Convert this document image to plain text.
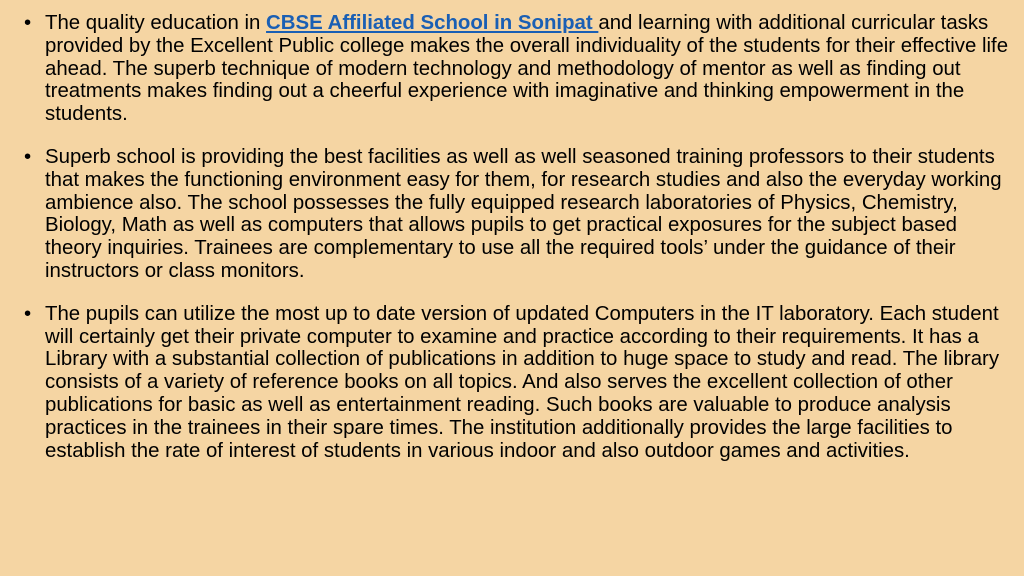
• The quality education in CBSE Affiliated School in Sonipat and learning with additional curricular tasks provided by the Excellent Public college makes the overall individuality of the students for their effective life ahead. The superb technique of modern technology and methodology of mentor as well as finding out treatments makes finding out a cheerful experience with imaginative and thinking empowerment in the students.
• Superb school is providing the best facilities as well as well seasoned training professors to their students that makes the functioning environment easy for them, for research studies and also the everyday working ambience also. The school possesses the fully equipped research laboratories of Physics, Chemistry, Biology, Math as well as computers that allows pupils to get practical exposures for the subject based theory inquiries. Trainees are complementary to use all the required tools’ under the guidance of their instructors or class monitors.
• The pupils can utilize the most up to date version of updated Computers in the IT laboratory. Each student will certainly get their private computer to examine and practice according to their requirements. It has a Library with a substantial collection of publications in addition to huge space to study and read. The library consists of a variety of reference books on all topics. And also serves the excellent collection of other publications for basic as well as entertainment reading. Such books are valuable to produce analysis practices in the trainees in their spare times. The institution additionally provides the large facilities to establish the rate of interest of students in various indoor and also outdoor games and activities.
